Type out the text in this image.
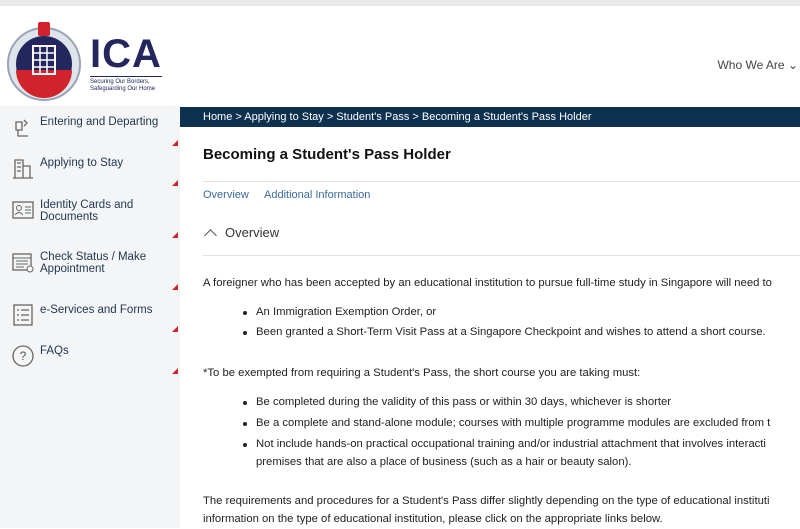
ICA
Securing Our Borders, Safeguarding Our Home
Who We Are ⌄
Entering and Departing
Applying to Stay
Identity Cards and Documents
Check Status / Make Appointment
e-Services and Forms
? FAQs
Home > Applying to Stay > Student's Pass > Becoming a Student's Pass Holder
Becoming a Student's Pass Holder
Overview Additional Information
Overview
A foreigner who has been accepted by an educational institution to pursue full-time study in Singapore will need to
An Immigration Exemption Order, or
Been granted a Short-Term Visit Pass at a Singapore Checkpoint and wishes to attend a short course.
*To be exempted from requiring a Student's Pass, the short course you are taking must:
Be completed during the validity of this pass or within 30 days, whichever is shorter
Be a complete and stand-alone module; courses with multiple programme modules are excluded from t
Not include hands-on practical occupational training and/or industrial attachment that involves interacti
premises that are also a place of business (such as a hair or beauty salon).
The requirements and procedures for a Student's Pass differ slightly depending on the type of educational instituti
information on the type of educational institution, please click on the appropriate links below.
